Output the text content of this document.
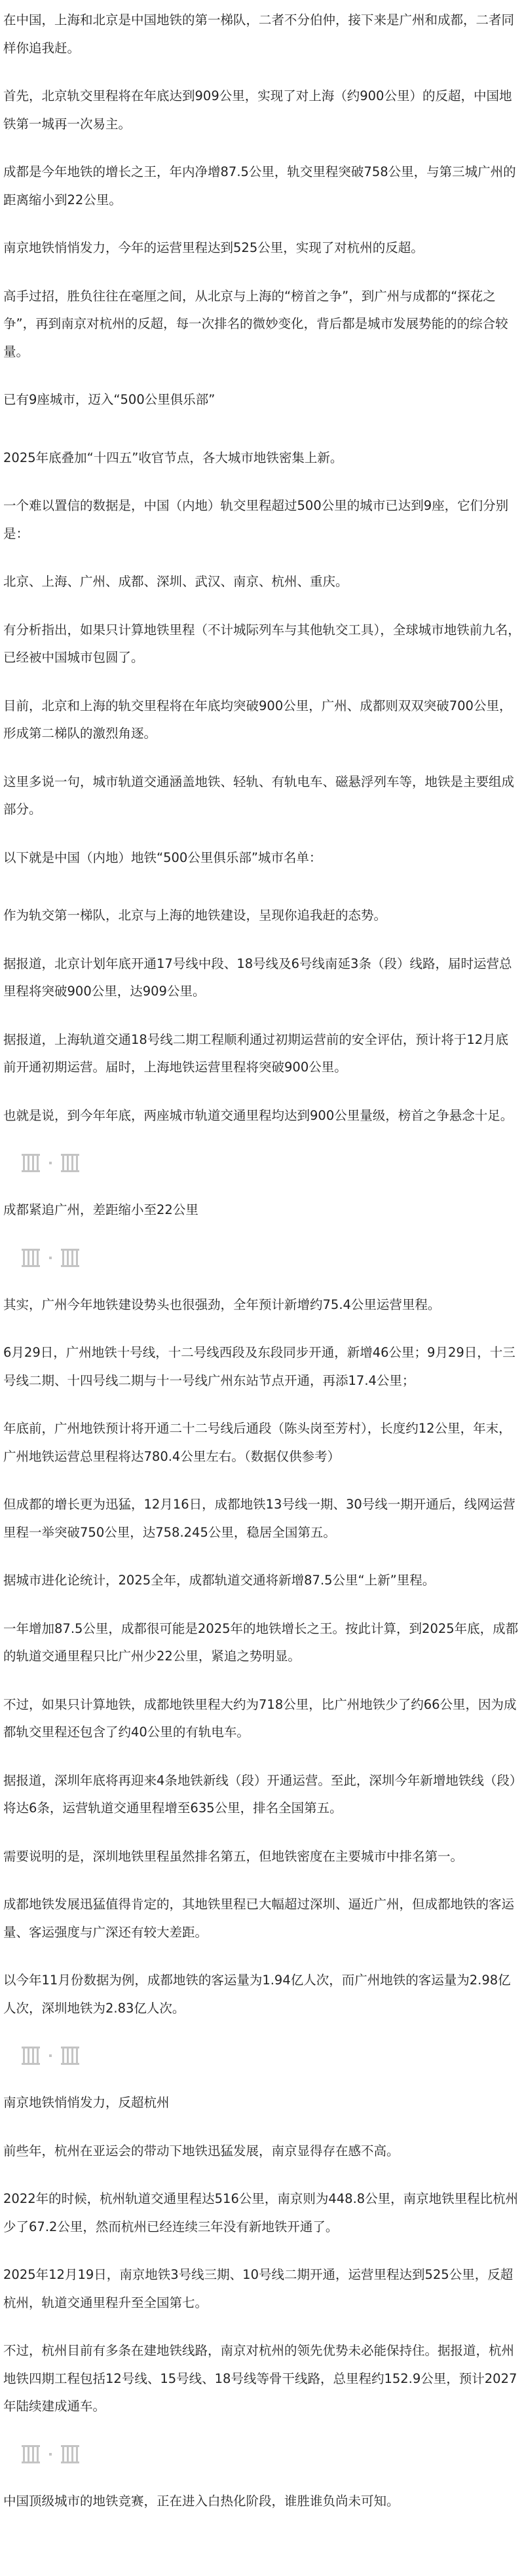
在中国，上海和北京是中国地铁的第一梯队，二者不分伯仲，接下来是广州和成都，二者同样你追我赶。

首先，北京轨交里程将在年底达到909公里，实现了对上海（约900公里）的反超，中国地铁第一城再一次易主。

成都是今年地铁的增长之王，年内净增87.5公里，轨交里程突破758公里，与第三城广州的距离缩小到22公里。

南京地铁悄悄发力，今年的运营里程达到525公里，实现了对杭州的反超。

高手过招，胜负往往在毫厘之间，从北京与上海的“榜首之争”，到广州与成都的“探花之争”，再到南京对杭州的反超，每一次排名的微妙变化，背后都是城市发展势能的的综合较量。

已有9座城市，迈入“500公里俱乐部”

2025年底叠加“十四五”收官节点，各大城市地铁密集上新。

一个难以置信的数据是，中国（内地）轨交里程超过500公里的城市已达到9座，它们分别是：

北京、上海、广州、成都、深圳、武汉、南京、杭州、重庆。

有分析指出，如果只计算地铁里程（不计城际列车与其他轨交工具），全球城市地铁前九名，已经被中国城市包圆了。

目前，北京和上海的轨交里程将在年底均突破900公里，广州、成都则双双突破700公里，形成第二梯队的激烈角逐。

这里多说一句，城市轨道交通涵盖地铁、轻轨、有轨电车、磁悬浮列车等，地铁是主要组成部分。

以下就是中国（内地）地铁“500公里俱乐部”城市名单：

作为轨交第一梯队，北京与上海的地铁建设，呈现你追我赶的态势。

据报道，北京计划年底开通17号线中段、18号线及6号线南延3条（段）线路，届时运营总里程将突破900公里，达909公里。

据报道，上海轨道交通18号线二期工程顺利通过初期运营前的安全评估，预计将于12月底前开通初期运营。届时，上海地铁运营里程将突破900公里。

也就是说，到今年年底，两座城市轨道交通里程均达到900公里量级，榜首之争悬念十足。

成都紧追广州，差距缩小至22公里

其实，广州今年地铁建设势头也很强劲，全年预计新增约75.4公里运营里程。

6月29日，广州地铁十号线，十二号线西段及东段同步开通，新增46公里；9月29日，十三号线二期、十四号线二期与十一号线广州东站节点开通，再添17.4公里；

年底前，广州地铁预计将开通二十二号线后通段（陈头岗至芳村），长度约12公里，年末，广州地铁运营总里程将达780.4公里左右。（数据仅供参考）

但成都的增长更为迅猛，12月16日，成都地铁13号线一期、30号线一期开通后，线网运营里程一举突破750公里，达758.245公里，稳居全国第五。

据城市进化论统计，2025全年，成都轨道交通将新增87.5公里“上新”里程。

一年增加87.5公里，成都很可能是2025年的地铁增长之王。按此计算，到2025年底，成都的轨道交通里程只比广州少22公里，紧追之势明显。

不过，如果只计算地铁，成都地铁里程大约为718公里，比广州地铁少了约66公里，因为成都轨交里程还包含了约40公里的有轨电车。

据报道，深圳年底将再迎来4条地铁新线（段）开通运营。至此，深圳今年新增地铁线（段）将达6条，运营轨道交通里程增至635公里，排名全国第五。

需要说明的是，深圳地铁里程虽然排名第五，但地铁密度在主要城市中排名第一。

成都地铁发展迅猛值得肯定的，其地铁里程已大幅超过深圳、逼近广州，但成都地铁的客运量、客运强度与广深还有较大差距。

以今年11月份数据为例，成都地铁的客运量为1.94亿人次，而广州地铁的客运量为2.98亿人次，深圳地铁为2.83亿人次。

南京地铁悄悄发力，反超杭州

前些年，杭州在亚运会的带动下地铁迅猛发展，南京显得存在感不高。

2022年的时候，杭州轨道交通里程达516公里，南京则为448.8公里，南京地铁里程比杭州少了67.2公里，然而杭州已经连续三年没有新地铁开通了。

2025年12月19日，南京地铁3号线三期、10号线二期开通，运营里程达到525公里，反超杭州，轨道交通里程升至全国第七。

不过，杭州目前有多条在建地铁线路，南京对杭州的领先优势未必能保持住。据报道，杭州地铁四期工程包括12号线、15号线、18号线等骨干线路，总里程约152.9公里，预计2027年陆续建成通车。

中国顶级城市的地铁竞赛，正在进入白热化阶段，谁胜谁负尚未可知。
